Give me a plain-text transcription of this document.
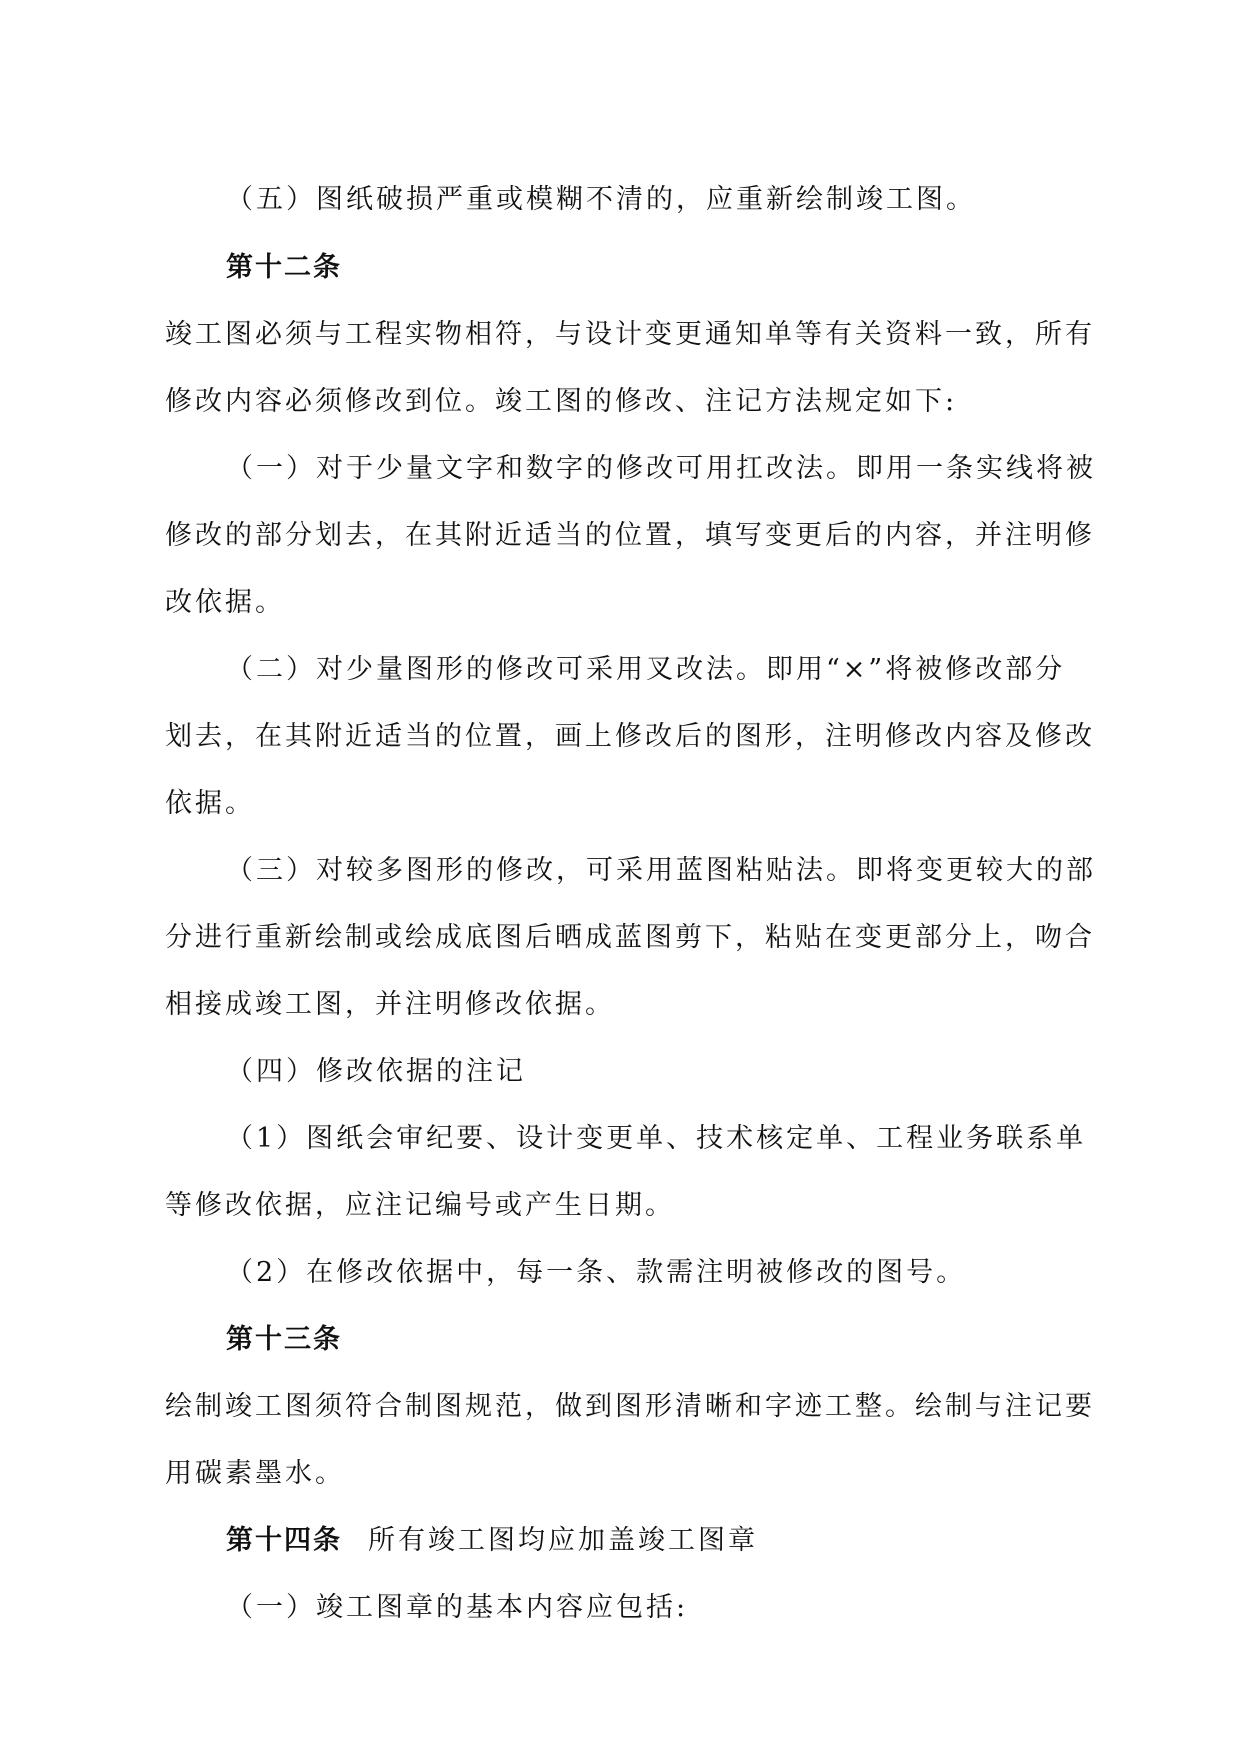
（五）图纸破损严重或模糊不清的，应重新绘制竣工图。
第十二条
竣工图必须与工程实物相符，与设计变更通知单等有关资料一致，所有
修改内容必须修改到位。竣工图的修改、注记方法规定如下:
（一）对于少量文字和数字的修改可用扛改法。即用一条实线将被
修改的部分划去，在其附近适当的位置，填写变更后的内容，并注明修
改依据。
（二）对少量图形的修改可采用叉改法。即用“×”将被修改部分
划去，在其附近适当的位置，画上修改后的图形，注明修改内容及修改
依据。
（三）对较多图形的修改，可采用蓝图粘贴法。即将变更较大的部
分进行重新绘制或绘成底图后晒成蓝图剪下，粘贴在变更部分上，吻合
相接成竣工图，并注明修改依据。
（四）修改依据的注记
（1）图纸会审纪要、设计变更单、技术核定单、工程业务联系单
等修改依据，应注记编号或产生日期。
（2）在修改依据中，每一条、款需注明被修改的图号。
第十三条
绘制竣工图须符合制图规范，做到图形清晰和字迹工整。绘制与注记要
用碳素墨水。
第十四条 所有竣工图均应加盖竣工图章
（一）竣工图章的基本内容应包括:
